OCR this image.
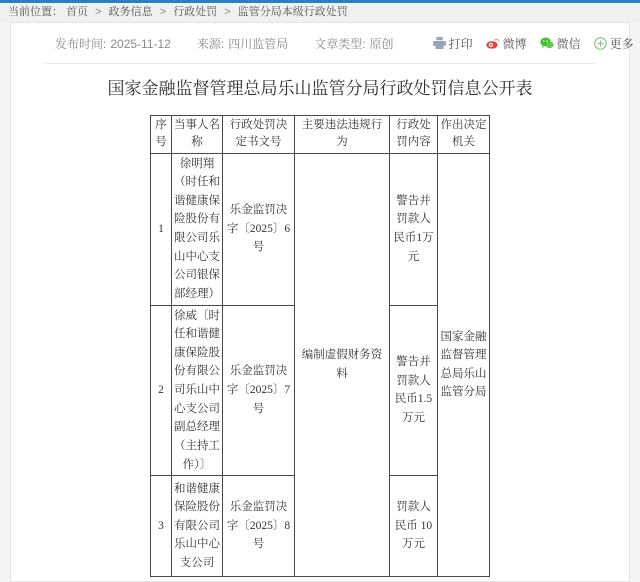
当前位置： 首页 > 政务信息 > 行政处罚 > 监管分局本级行政处罚
发布时间: 2025-11-12 来源: 四川监管局 文章类型: 原创	打印	微博	微信 更多
国家金融监督管理总局乐山监管分局行政处罚信息公开表
序号	当事人名称	行政处罚决定书文号	主要违法违规行为	行政处罚内容	作出决定机关
1	徐明翔（时任和谐健康保险股份有限公司乐山中心支公司银保部经理）	乐金监罚决字〔2025〕6号	编制虚假财务资料	警告并罚款人民币1万元	国家金融监督管理总局乐山监管分局
2	徐威〔时任和谐健康保险股份有限公司乐山中心支公司副总经理（主持工作）〕	乐金监罚决字〔2025〕7号		警告并罚款人民币1.5万元	
3	和谐健康保险股份有限公司乐山中心支公司	乐金监罚决字〔2025〕8号		罚款人民币 10 万元	
